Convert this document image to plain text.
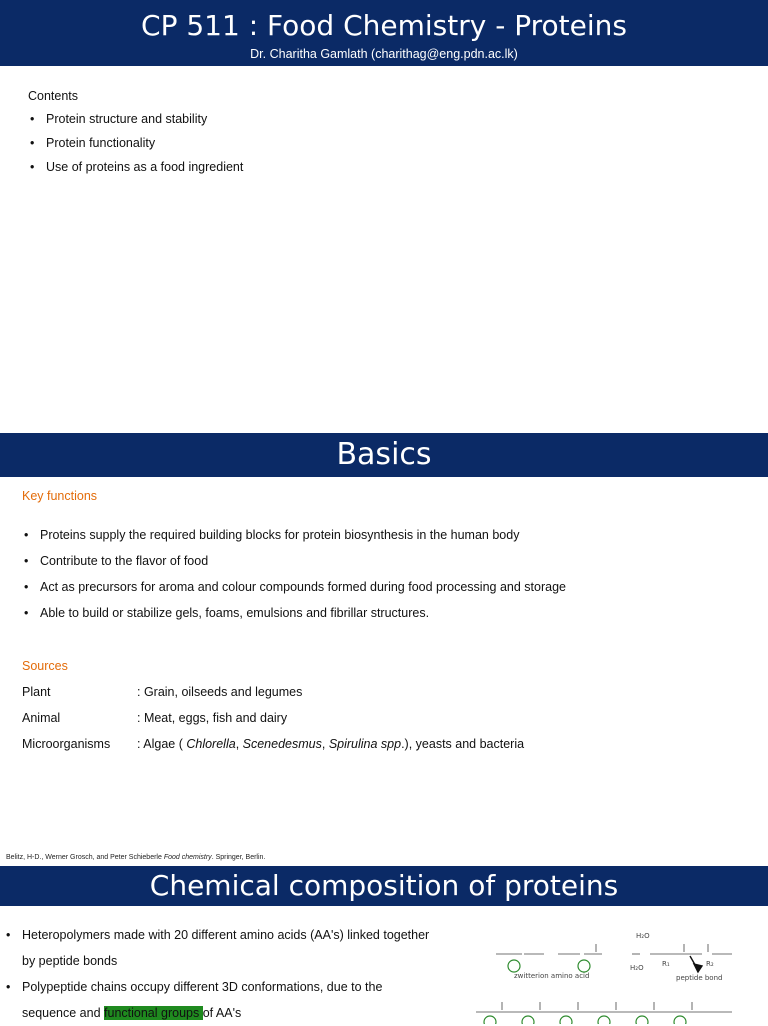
CP 511 : Food Chemistry - Proteins
Dr. Charitha Gamlath (charithag@eng.pdn.ac.lk)
Contents
• Protein structure and stability
• Protein functionality
• Use of proteins as a food ingredient
Basics
Key functions
• Proteins supply the required building blocks for protein biosynthesis in the human body
• Contribute to the flavor of food
• Act as precursors for aroma and colour compounds formed during food processing and storage
• Able to build or stabilize gels, foams, emulsions and fibrillar structures.
Sources
Plant	: Grain, oilseeds and legumes
Animal	: Meat, eggs, fish and dairy
Microorganisms : Algae ( Chlorella, Scenedesmus, Spirulina spp.), yeasts and bacteria
Belitz, H-D., Werner Grosch, and Peter Schieberle Food chemistry. Springer, Berlin.
Chemical composition of proteins
• Heteropolymers made with 20 different amino acids (AA's) linked together by peptide bonds
• Polypeptide chains occupy different 3D conformations, due to the sequence and functional groups of AA's
H₂O
H₂O
zwitterion amino acid	peptide bond
R₁	R₂
